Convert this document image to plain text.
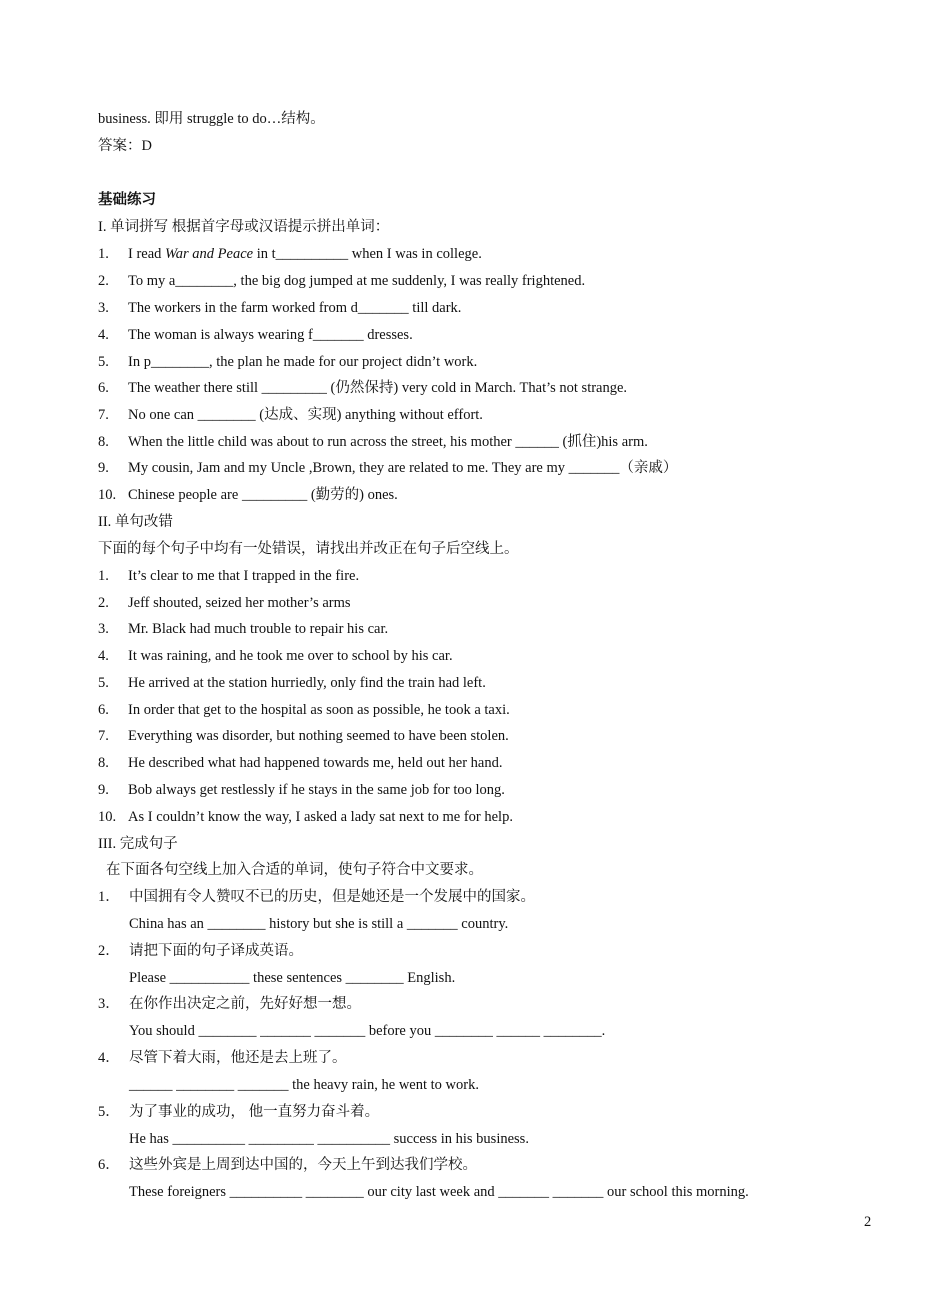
business. 即用 struggle to do…结构。
答案：D
基础练习
I. 单词拼写 根据首字母或汉语提示拼出单词：
1. I read War and Peace in t__________ when I was in college.
2. To my a________, the big dog jumped at me suddenly, I was really frightened.
3. The workers in the farm worked from d_______ till dark.
4. The woman is always wearing f_______ dresses.
5. In p________, the plan he made for our project didn’t work.
6. The weather there still _________ (仍然保持) very cold in March. That’s not strange.
7. No one can ________ (达成、实现) anything without effort.
8. When the little child was about to run across the street, his mother ______ (抓住)his arm.
9. My cousin, Jam and my Uncle ,Brown, they are related to me. They are my _______（亲戚）
10. Chinese people are _________ (勤劳的) ones.
II. 单句改错
下面的每个句子中均有一处错误，请找出并改正在句子后空线上。
1. It’s clear to me that I trapped in the fire.
2. Jeff shouted, seized her mother’s arms
3. Mr. Black had much trouble to repair his car.
4. It was raining, and he took me over to school by his car.
5. He arrived at the station hurriedly, only find the train had left.
6. In order that get to the hospital as soon as possible, he took a taxi.
7. Everything was disorder, but nothing seemed to have been stolen.
8. He described what had happened towards me, held out her hand.
9. Bob always get restlessly if he stays in the same job for too long.
10. As I couldn’t know the way, I asked a lady sat next to me for help.
III. 完成句子
在下面各句空线上加入合适的单词，使句子符合中文要求。
1． 中国拥有令人赞叹不已的历史，但是她还是一个发展中的国家。
China has an ________ history but she is still a _______ country.
2． 请把下面的句子译成英语。
Please ___________ these sentences ________ English.
3． 在你作出决定之前，先好好想一想。
You should ________ _______ _______ before you ________ ______ ________.
4． 尽管下着大雨，他还是去上班了。
______ ________ _______ the heavy rain, he went to work.
5． 为了事业的成功， 他一直努力奋斗着。
He has __________ _________ __________ success in his business.
6． 这些外宾是上周到达中国的，今天上午到达我们学校。
These foreigners __________ ________ our city last week and _______ _______ our school this morning.
2
